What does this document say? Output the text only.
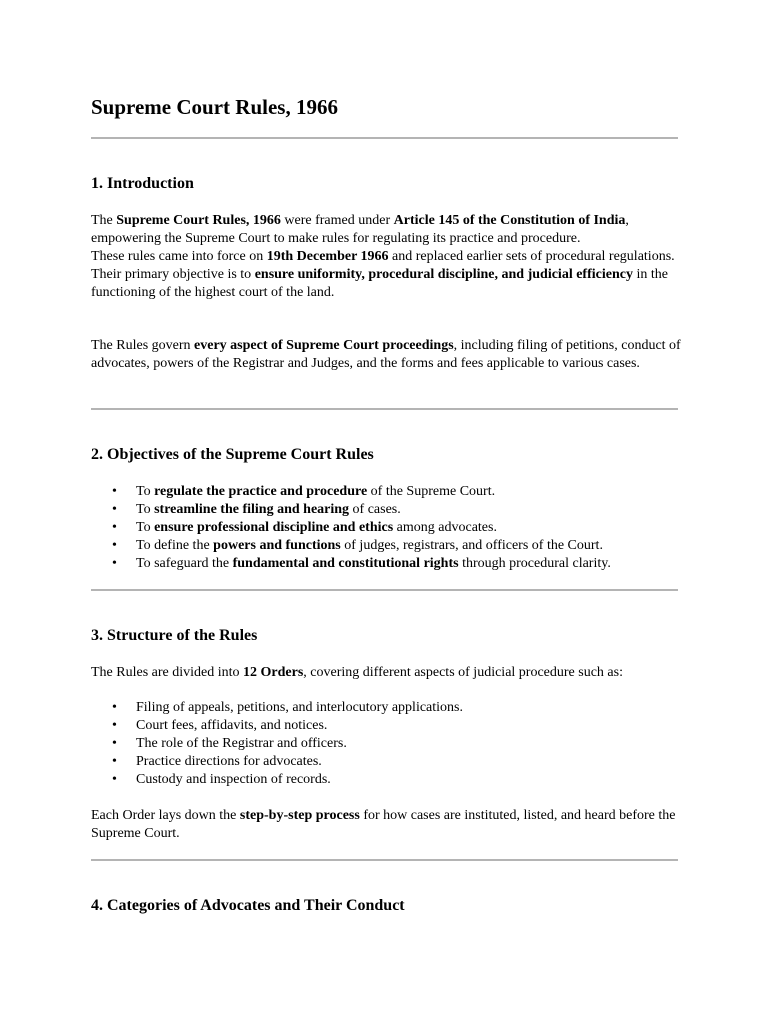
Supreme Court Rules, 1966
1. Introduction

The Supreme Court Rules, 1966 were framed under Article 145 of the Constitution of India, empowering the Supreme Court to make rules for regulating its practice and procedure.
These rules came into force on 19th December 1966 and replaced earlier sets of procedural regulations.
Their primary objective is to ensure uniformity, procedural discipline, and judicial efficiency in the functioning of the highest court of the land.

The Rules govern every aspect of Supreme Court proceedings, including filing of petitions, conduct of advocates, powers of the Registrar and Judges, and the forms and fees applicable to various cases.

2. Objectives of the Supreme Court Rules
• To regulate the practice and procedure of the Supreme Court.
• To streamline the filing and hearing of cases.
• To ensure professional discipline and ethics among advocates.
• To define the powers and functions of judges, registrars, and officers of the Court.
• To safeguard the fundamental and constitutional rights through procedural clarity.
3. Structure of the Rules

The Rules are divided into 12 Orders, covering different aspects of judicial procedure such as:

• Filing of appeals, petitions, and interlocutory applications.
• Court fees, affidavits, and notices.
• The role of the Registrar and officers.
• Practice directions for advocates.
• Custody and inspection of records.

Each Order lays down the step-by-step process for how cases are instituted, listed, and heard before the Supreme Court.

4. Categories of Advocates and Their Conduct
